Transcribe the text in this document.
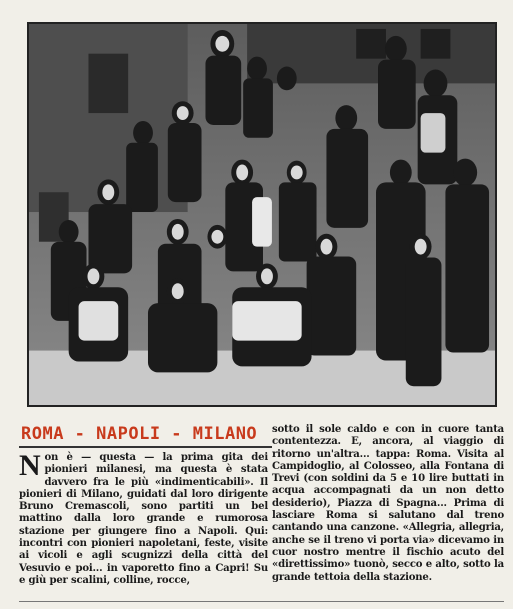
ROMA - NAPOLI - MILANO

Non è — questa — la prima gita dei pionieri milanesi, ma questa è stata davvero fra le più «indimenticabili». Il pionieri di Milano, guidati dal loro dirigente Bruno Cremascoli, sono partiti un bel mattino dalla loro grande e rumorosa stazione per giungere fino a Napoli. Qui: incontri con pionieri napoletani, feste, visite ai vicoli e agli scugnizzi della città del Vesuvio e poi... in vaporetto fino a Capri! Su e giù per scalini, colline, rocce,

sotto il sole caldo e con in cuore tanta contentezza. E, ancora, al viaggio di ritorno un'altra... tappa: Roma. Visita al Campidoglio, al Colosseo, alla Fontana di Trevi (con soldini da 5 e 10 lire buttati in acqua accompagnati da un non detto desiderio), Piazza di Spagna... Prima di lasciare Roma si salutano dal treno cantando una canzone. «Allegria, allegria, anche se il treno vi porta via» dicevamo in cuor nostro mentre il fischio acuto del «direttissimo» tuonò, secco e alto, sotto la grande tettoia della stazione.
